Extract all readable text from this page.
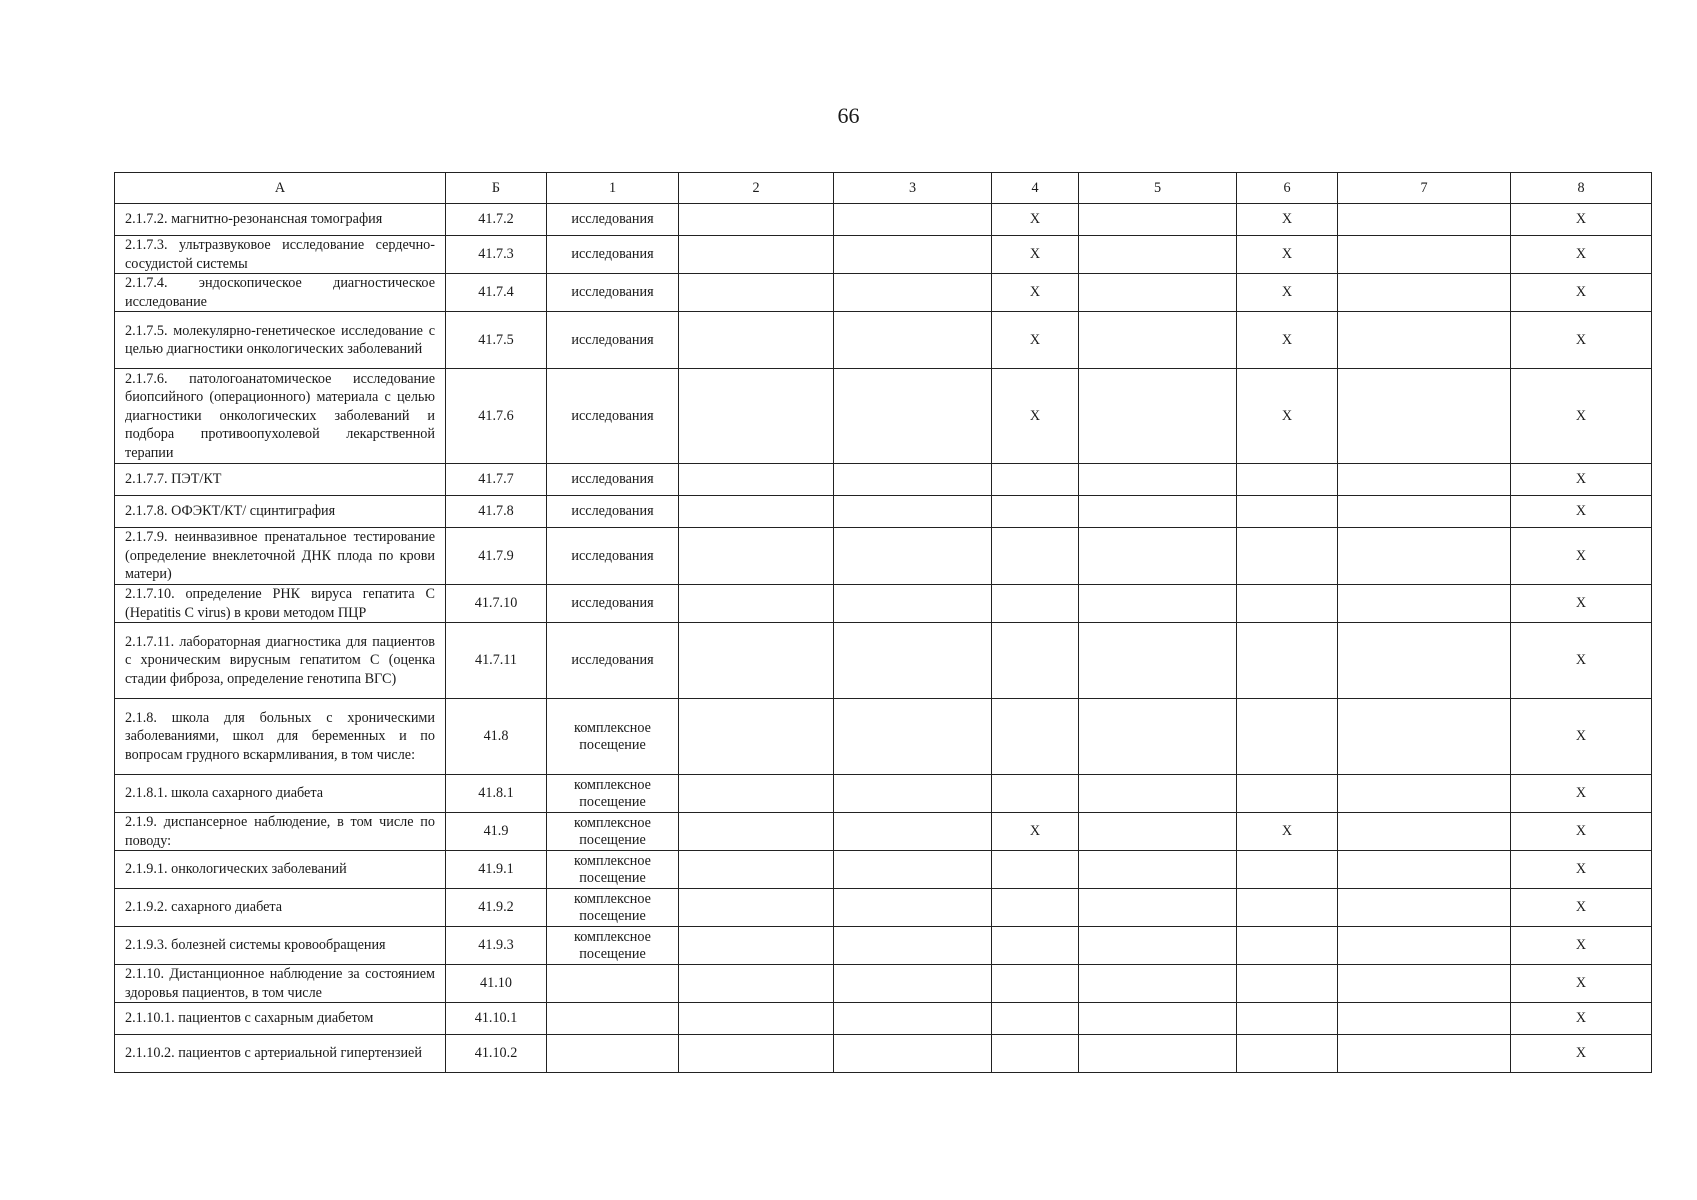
66
А	Б	1	2	3	4	5	6	7	8
2.1.7.2. магнитно-резонансная томография	41.7.2	исследования			X		X		X
2.1.7.3. ультразвуковое исследование сердечно-сосудистой системы	41.7.3	исследования			X		X		X
2.1.7.4. эндоскопическое диагностическое исследование	41.7.4	исследования			X		X		X
2.1.7.5. молекулярно-генетическое исследование с целью диагностики онкологических заболеваний	41.7.5	исследования			X		X		X
2.1.7.6. патологоанатомическое исследование биопсийного (операционного) материала с целью диагностики онкологических заболеваний и подбора противоопухолевой лекарственной терапии	41.7.6	исследования			X		X		X
2.1.7.7. ПЭТ/КТ	41.7.7	исследования							X
2.1.7.8. ОФЭКТ/КТ/ сцинтиграфия	41.7.8	исследования							X
2.1.7.9. неинвазивное пренатальное тестирование (определение внеклеточной ДНК плода по крови матери)	41.7.9	исследования							X
2.1.7.10. определение РНК вируса гепатита С (Hepatitis С virus) в крови методом ПЦР	41.7.10	исследования							X
2.1.7.11. лабораторная диагностика для пациентов с хроническим вирусным гепатитом С (оценка стадии фиброза, определение генотипа ВГС)	41.7.11	исследования							X
2.1.8. школа для больных с хроническими заболеваниями, школ для беременных и по вопросам грудного вскармливания, в том числе:	41.8	комплексное посещение							X
2.1.8.1. школа сахарного диабета	41.8.1	комплексное посещение							X
2.1.9. диспансерное наблюдение, в том числе по поводу:	41.9	комплексное посещение			X		X		X
2.1.9.1. онкологических заболеваний	41.9.1	комплексное посещение							X
2.1.9.2. сахарного диабета	41.9.2	комплексное посещение							X
2.1.9.3. болезней системы кровообращения	41.9.3	комплексное посещение							X
2.1.10. Дистанционное наблюдение за состоянием здоровья пациентов, в том числе	41.10								X
2.1.10.1. пациентов с сахарным диабетом	41.10.1								X
2.1.10.2. пациентов с артериальной гипертензией	41.10.2								X
